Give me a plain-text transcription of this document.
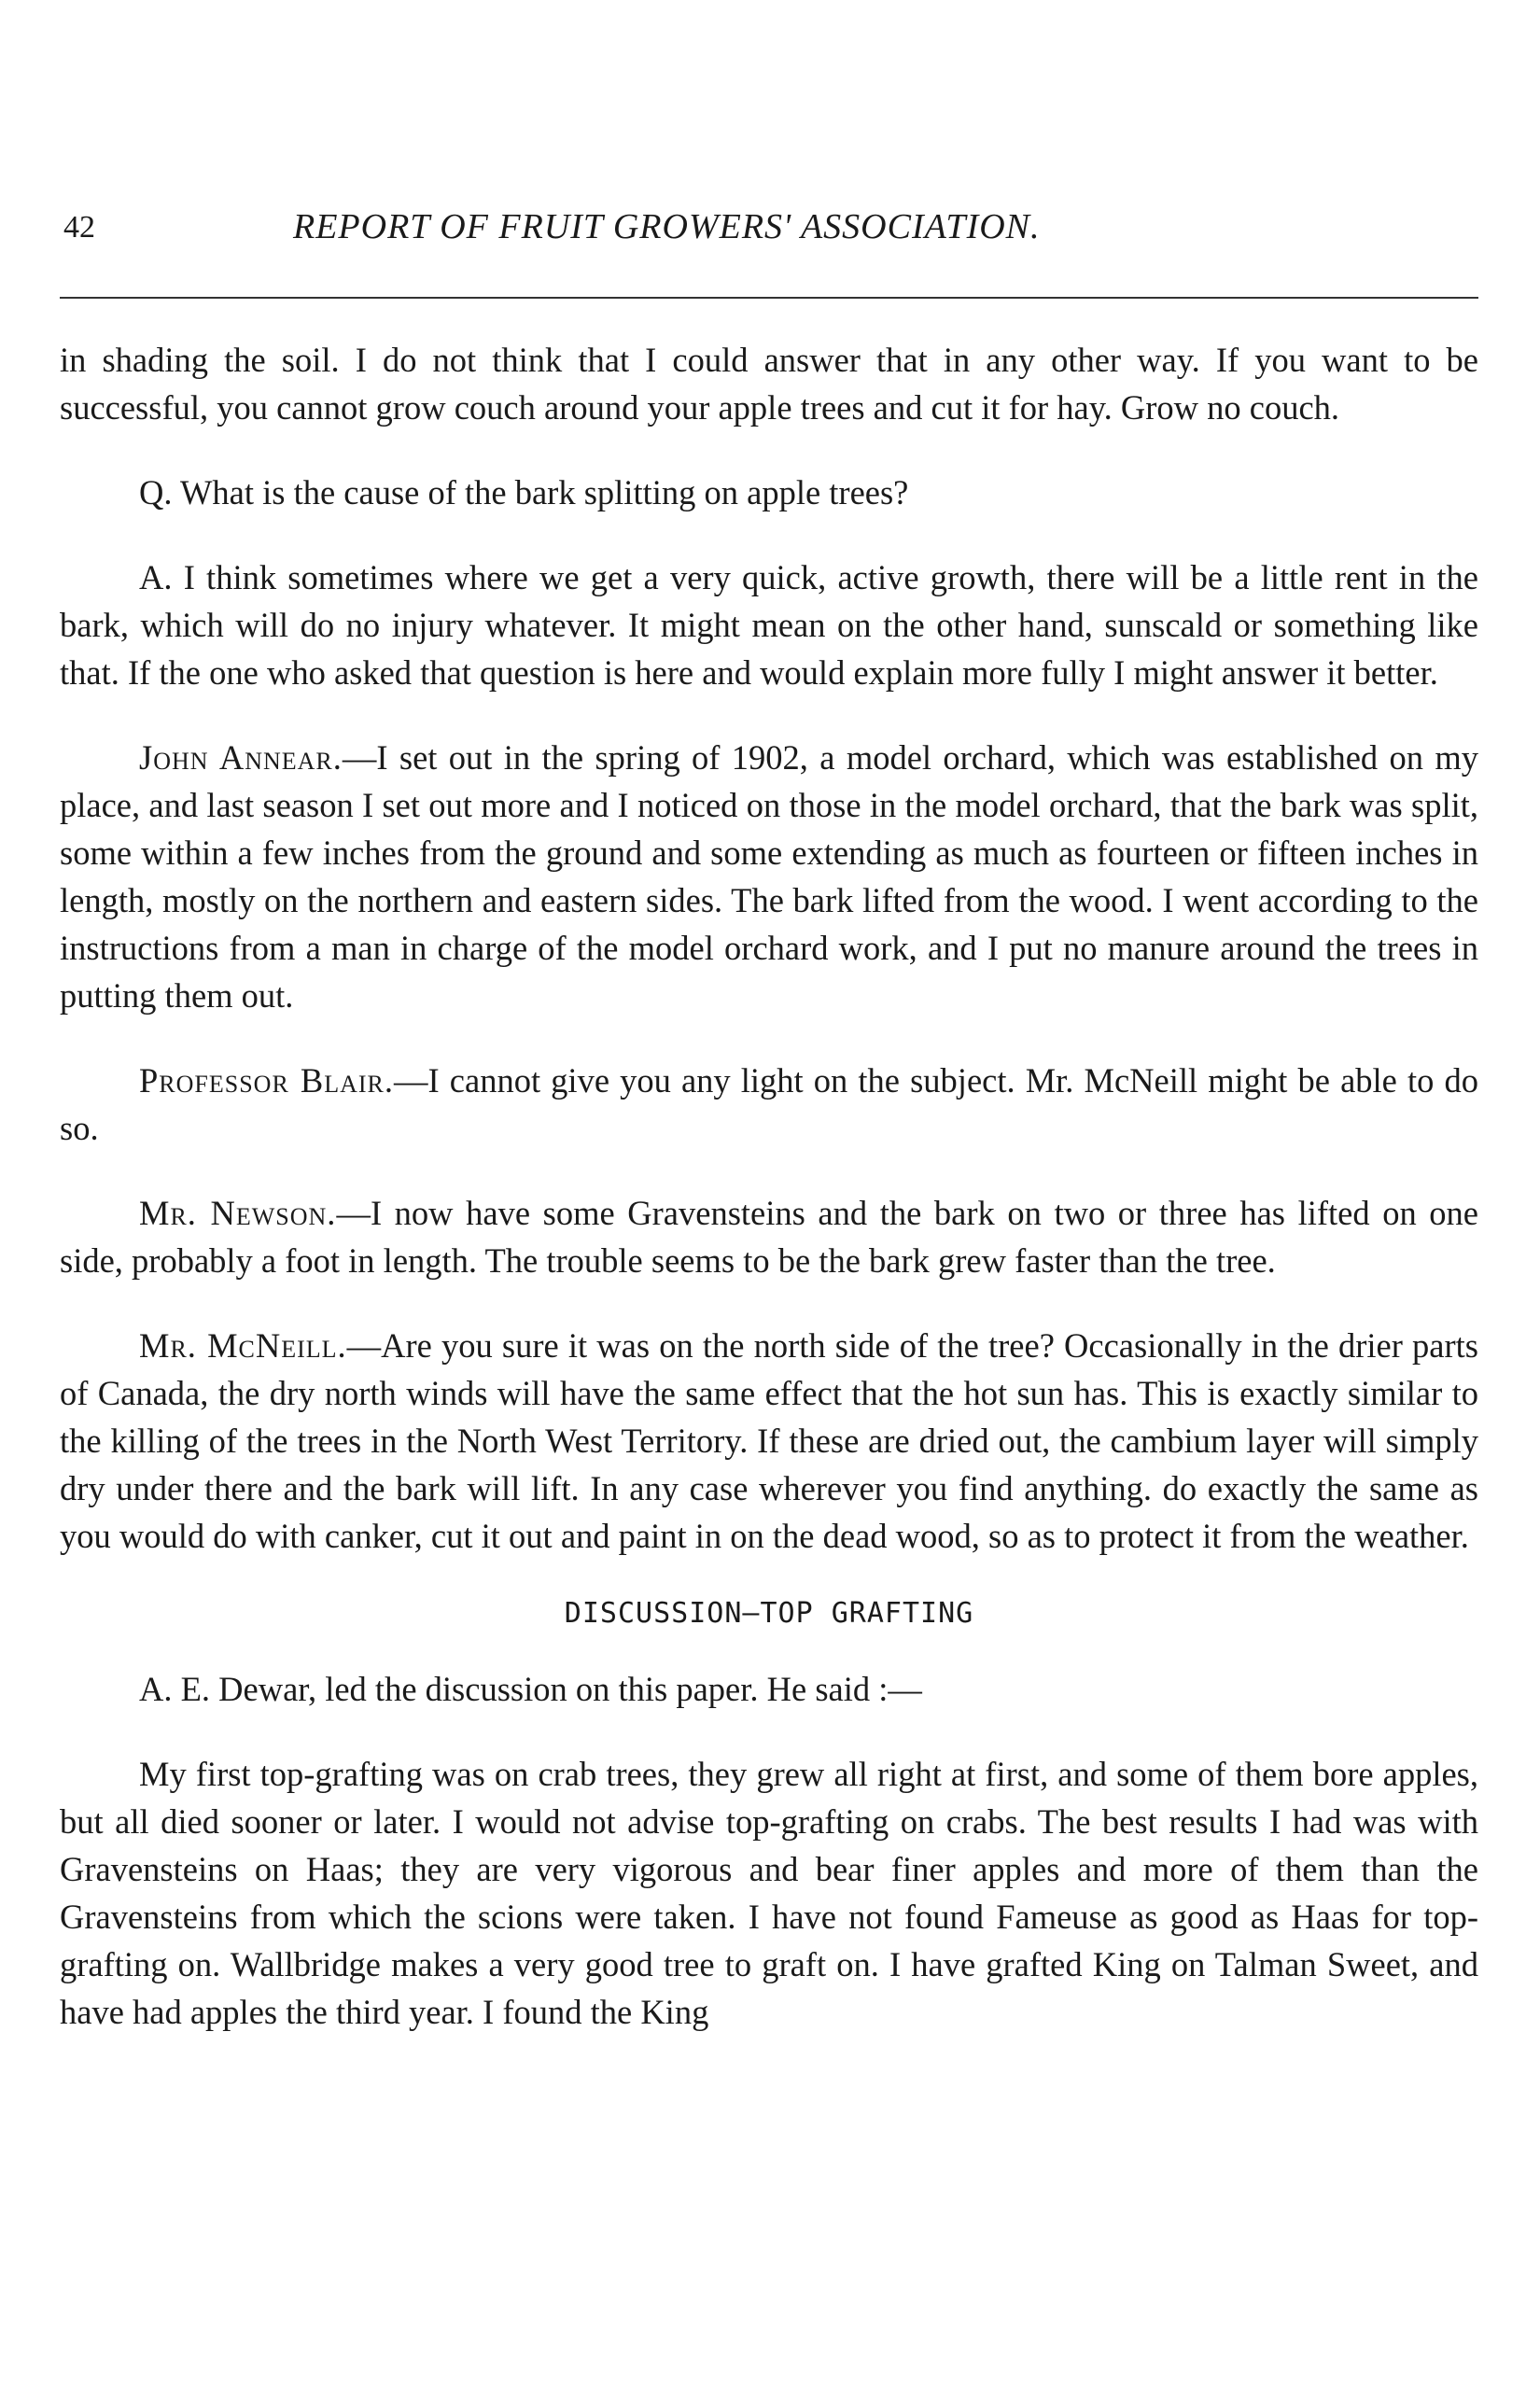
42	REPORT OF FRUIT GROWERS' ASSOCIATION.

in shading the soil. I do not think that I could answer that in any other way. If you want to be successful, you cannot grow couch around your apple trees and cut it for hay. Grow no couch.

Q. What is the cause of the bark splitting on apple trees?

A. I think sometimes where we get a very quick, active growth, there will be a little rent in the bark, which will do no injury whatever. It might mean on the other hand, sunscald or something like that. If the one who asked that question is here and would explain more fully I might answer it better.

John Annear.—I set out in the spring of 1902, a model orchard, which was established on my place, and last season I set out more and I noticed on those in the model orchard, that the bark was split, some within a few inches from the ground and some extending as much as fourteen or fifteen inches in length, mostly on the northern and eastern sides. The bark lifted from the wood. I went according to the instructions from a man in charge of the model orchard work, and I put no manure around the trees in putting them out.

Professor Blair.—I cannot give you any light on the subject. Mr. McNeill might be able to do so.

Mr. Newson.—I now have some Gravensteins and the bark on two or three has lifted on one side, probably a foot in length. The trouble seems to be the bark grew faster than the tree.

Mr. McNeill.—Are you sure it was on the north side of the tree? Occasionally in the drier parts of Canada, the dry north winds will have the same effect that the hot sun has. This is exactly similar to the killing of the trees in the North West Territory. If these are dried out, the cambium layer will simply dry under there and the bark will lift. In any case wherever you find anything. do exactly the same as you would do with canker, cut it out and paint in on the dead wood, so as to protect it from the weather.

DISCUSSION—TOP GRAFTING

A. E. Dewar, led the discussion on this paper. He said :—

My first top-grafting was on crab trees, they grew all right at first, and some of them bore apples, but all died sooner or later. I would not advise top-grafting on crabs. The best results I had was with Gravensteins on Haas; they are very vigorous and bear finer apples and more of them than the Gravensteins from which the scions were taken. I have not found Fameuse as good as Haas for top-grafting on. Wallbridge makes a very good tree to graft on. I have grafted King on Talman Sweet, and have had apples the third year. I found the King
